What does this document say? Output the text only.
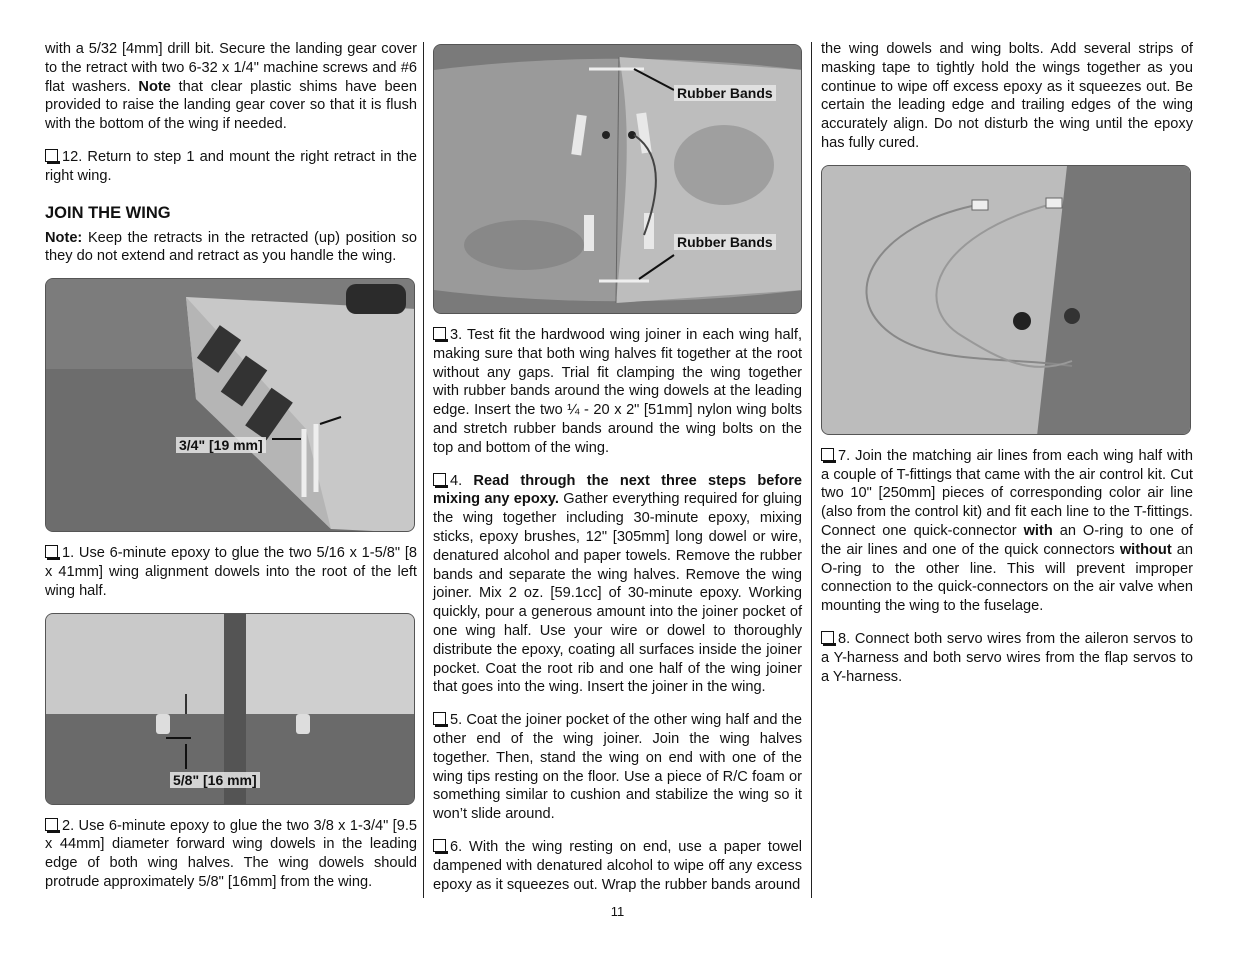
with a 5/32 [4mm] drill bit. Secure the landing gear cover to the retract with two 6-32 x 1/4" machine screws and #6 flat washers. Note that clear plastic shims have been provided to raise the landing gear cover so that it is flush with the bottom of the wing if needed.

12. Return to step 1 and mount the right retract in the right wing.

JOIN THE WING

Note: Keep the retracts in the retracted (up) position so they do not extend and retract as you handle the wing.

3/4" [19 mm]

1. Use 6-minute epoxy to glue the two 5/16 x 1-5/8" [8 x 41mm] wing alignment dowels into the root of the left wing half.

5/8" [16 mm]

2. Use 6-minute epoxy to glue the two 3/8 x 1-3/4" [9.5 x 44mm] diameter forward wing dowels in the leading edge of both wing halves. The wing dowels should protrude approximately 5/8" [16mm] from the wing.

Rubber Bands
Rubber Bands

3. Test fit the hardwood wing joiner in each wing half, making sure that both wing halves fit together at the root without any gaps. Trial fit clamping the wing together with rubber bands around the wing dowels at the leading edge. Insert the two ¼ - 20 x 2" [51mm] nylon wing bolts and stretch rubber bands around the wing bolts on the top and bottom of the wing.

4. Read through the next three steps before mixing any epoxy. Gather everything required for gluing the wing together including 30-minute epoxy, mixing sticks, epoxy brushes, 12" [305mm] long dowel or wire, denatured alcohol and paper towels. Remove the rubber bands and separate the wing halves. Remove the wing joiner. Mix 2 oz. [59.1cc] of 30-minute epoxy. Working quickly, pour a generous amount into the joiner pocket of one wing half. Use your wire or dowel to thoroughly distribute the epoxy, coating all surfaces inside the joiner pocket. Coat the root rib and one half of the wing joiner that goes into the wing. Insert the joiner in the wing.

5. Coat the joiner pocket of the other wing half and the other end of the wing joiner. Join the wing halves together. Then, stand the wing on end with one of the wing tips resting on the floor. Use a piece of R/C foam or something similar to cushion and stabilize the wing so it won’t slide around.

6. With the wing resting on end, use a paper towel dampened with denatured alcohol to wipe off any excess epoxy as it squeezes out. Wrap the rubber bands around

the wing dowels and wing bolts. Add several strips of masking tape to tightly hold the wings together as you continue to wipe off excess epoxy as it squeezes out. Be certain the leading edge and trailing edges of the wing accurately align. Do not disturb the wing until the epoxy has fully cured.

7. Join the matching air lines from each wing half with a couple of T-fittings that came with the air control kit. Cut two 10" [250mm] pieces of corresponding color air line (also from the control kit) and fit each line to the T-fittings. Connect one quick-connector with an O-ring to one of the air lines and one of the quick connectors without an O-ring to the other line. This will prevent improper connection to the quick-connectors on the air valve when mounting the wing to the fuselage.

8. Connect both servo wires from the aileron servos to a Y-harness and both servo wires from the flap servos to a Y-harness.

11
